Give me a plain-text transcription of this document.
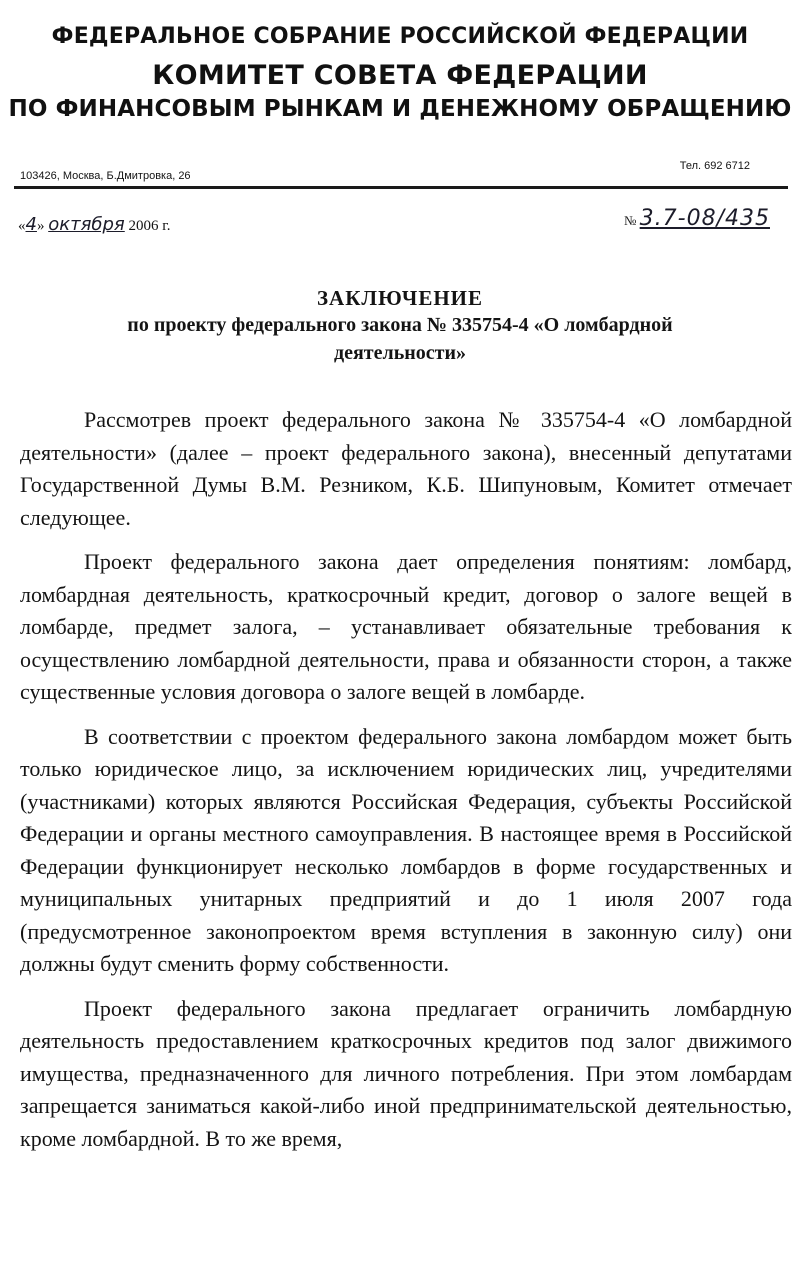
ФЕДЕРАЛЬНОЕ СОБРАНИЕ РОССИЙСКОЙ ФЕДЕРАЦИИ
КОМИТЕТ СОВЕТА ФЕДЕРАЦИИ
ПО ФИНАНСОВЫМ РЫНКАМ И ДЕНЕЖНОМУ ОБРАЩЕНИЮ
103426, Москва, Б.Дмитровка, 26
Тел. 692 6712
«4» октября 2006 г.	№ 3.7-08/435
ЗАКЛЮЧЕНИЕ
по проекту федерального закона № 335754-4 «О ломбардной
деятельности»

Рассмотрев проект федерального закона № 335754-4 «О ломбардной деятельности» (далее – проект федерального закона), внесенный депутатами Государственной Думы В.М. Резником, К.Б. Шипуновым, Комитет отмечает следующее.

Проект федерального закона дает определения понятиям: ломбард, ломбардная деятельность, краткосрочный кредит, договор о залоге вещей в ломбарде, предмет залога, – устанавливает обязательные требования к осуществлению ломбардной деятельности, права и обязанности сторон, а также существенные условия договора о залоге вещей в ломбарде.

В соответствии с проектом федерального закона ломбардом может быть только юридическое лицо, за исключением юридических лиц, учредителями (участниками) которых являются Российская Федерация, субъекты Российской Федерации и органы местного самоуправления. В настоящее время в Российской Федерации функционирует несколько ломбардов в форме государственных и муниципальных унитарных предприятий и до 1 июля 2007 года (предусмотренное законопроектом время вступления в законную силу) они должны будут сменить форму собственности.

Проект федерального закона предлагает ограничить ломбардную деятельность предоставлением краткосрочных кредитов под залог движимого имущества, предназначенного для личного потребления. При этом ломбардам запрещается заниматься какой-либо иной предпринимательской деятельностью, кроме ломбардной. В то же время,
